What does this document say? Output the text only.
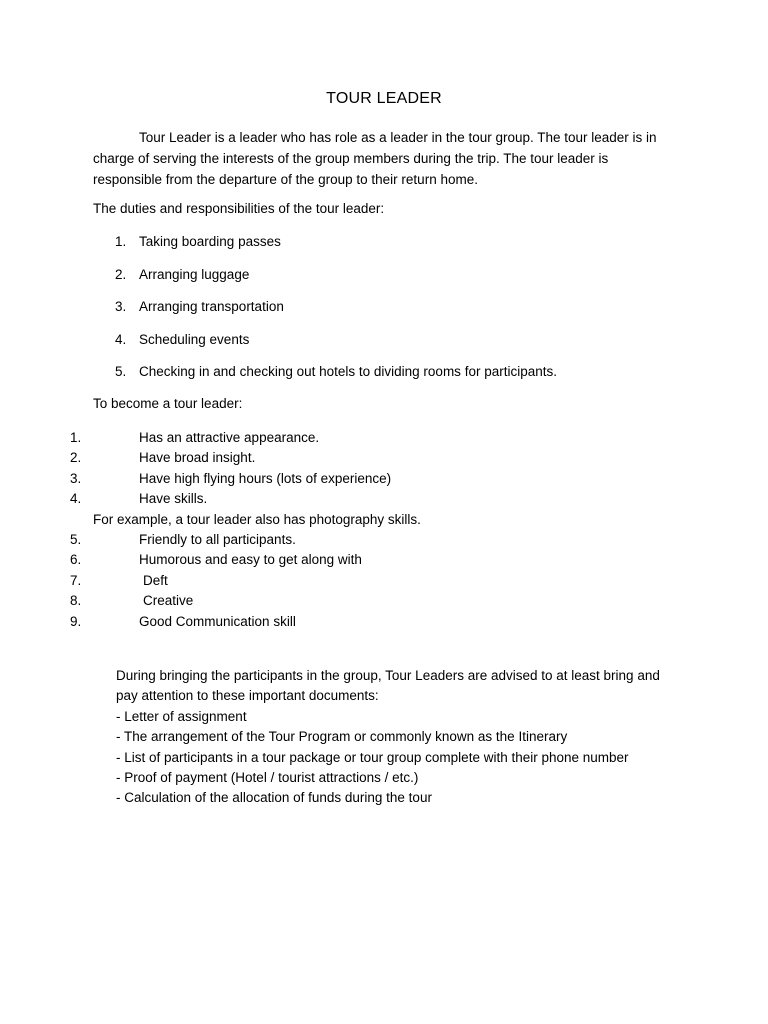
TOUR LEADER

Tour Leader is a leader who has role as a leader in the tour group. The tour leader is in charge of serving the interests of the group members during the trip. The tour leader is responsible from the departure of the group to their return home.

The duties and responsibilities of the tour leader:

1. Taking boarding passes
2. Arranging luggage
3. Arranging transportation
4. Scheduling events
5. Checking in and checking out hotels to dividing rooms for participants.

To become a tour leader:

1.	Has an attractive appearance.
2.	Have broad insight.
3.	Have high flying hours (lots of experience)
4.	Have skills.
For example, a tour leader also has photography skills.
5.	Friendly to all participants.
6.	Humorous and easy to get along with
7.	Deft
8.	Creative
9.	Good Communication skill
During bringing the participants in the group, Tour Leaders are advised to at least bring and pay attention to these important documents:
- Letter of assignment
- The arrangement of the Tour Program or commonly known as the Itinerary
- List of participants in a tour package or tour group complete with their phone number
- Proof of payment (Hotel / tourist attractions / etc.)
- Calculation of the allocation of funds during the tour
